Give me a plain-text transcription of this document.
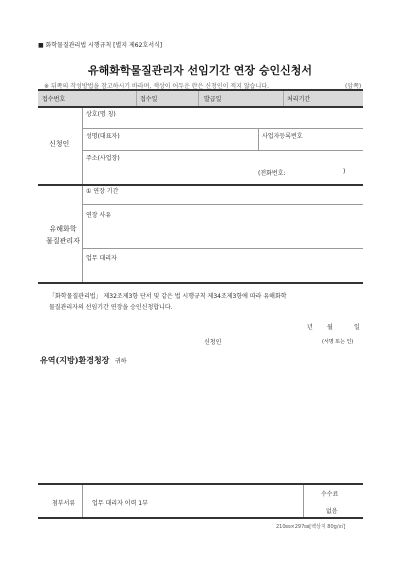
■ 화학물질관리법 시행규칙 [별지 제62호서식]
유해화학물질관리자 선임기간 연장 승인신청서
※ 뒤쪽의 작성방법을 참고하시기 바라며, 색상이 어두운 란은 신청인이 적지 않습니다.	(앞쪽)
접수번호	접수일	발급일	처리기간
신청인
상호(명 칭)
성명(대표자)	사업자등록번호
주소(사업장)
(전화번호:	)
유해화학
물질관리자
① 연장 기간
연장 사유
업무 대리자
「화학물질관리법」 제32조제3항 단서 및 같은 법 시행규칙 제34조제3항에 따라 유해화학
물질관리자의 선임기간 연장을 승인신청합니다.
년 월	일
신청인	(서명 또는 인)
유역(지방)환경청장 귀하
첨부서류	업무 대리자 이력 1부
수수료
없음
210㎜×297㎜[백상지 80g/㎡]
